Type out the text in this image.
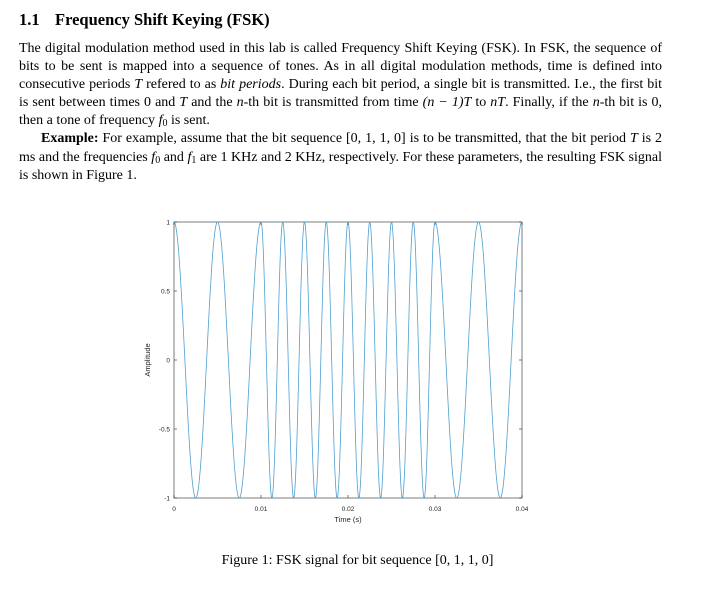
1.1 Frequency Shift Keying (FSK)

The digital modulation method used in this lab is called Frequency Shift Keying (FSK). In FSK, the sequence of bits to be sent is mapped into a sequence of tones. As in all digital modulation methods, time is defined into consecutive periods T refered to as bit periods. During each bit period, a single bit is transmitted. I.e., the first bit is sent between times 0 and T and the n-th bit is transmitted from time (n − 1)T to nT. Finally, if the n-th bit is 0, then a tone of frequency $f_0$ is sent.

Example: For example, assume that the bit sequence [0, 1, 1, 0] is to be transmitted, that the bit period T is 2 ms and the frequencies $f_0$ and $f_1$ are 1 KHz and 2 KHz, respectively. For these parameters, the resulting FSK signal is shown in Figure 1.

0	0.01	0.02	0.03	0.04
-1
-0.5
0
0.5
1
Time (s)
Amplitude
Figure 1: FSK signal for bit sequence [0, 1, 1, 0]
